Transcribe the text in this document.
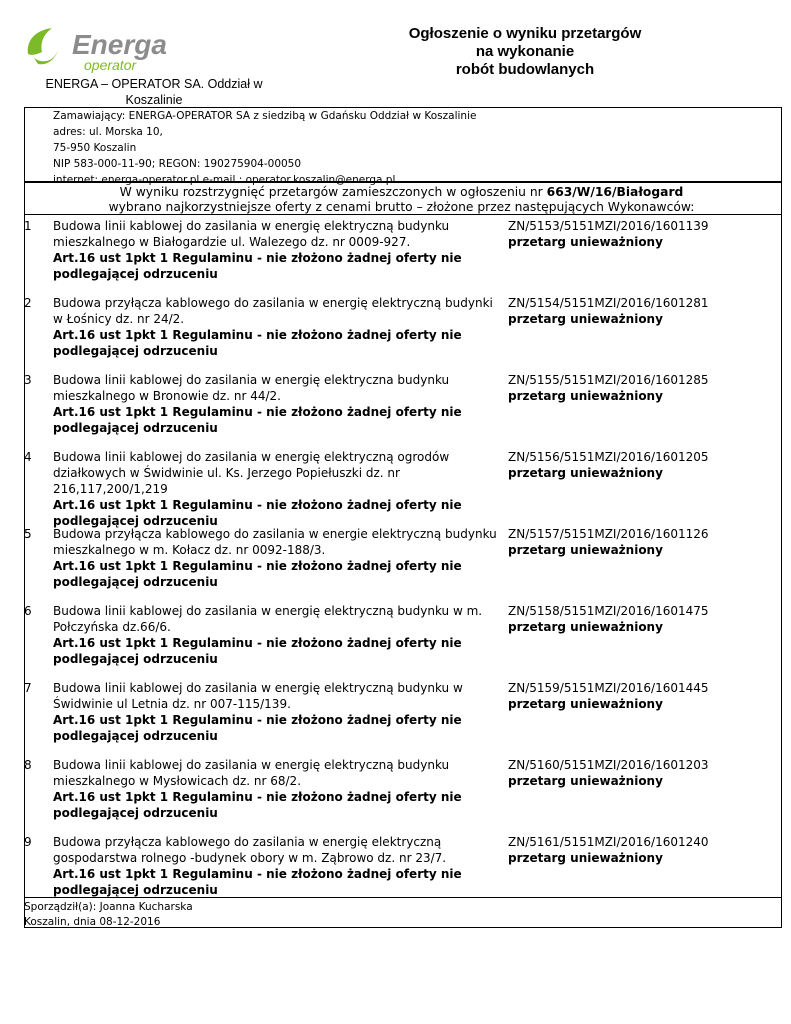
Energa
operator
ENERGA – OPERATOR SA. Oddział w Koszalinie
Ogłoszenie o wyniku przetargów
na wykonanie
robót budowlanych
Zamawiający: ENERGA-OPERATOR SA z siedzibą w Gdańsku Oddział w Koszalinie
adres: ul. Morska 10,
75-950 Koszalin
NIP 583-000-11-90; REGON: 190275904-00050
internet: energa-operator.pl e-mail : operator.koszalin@energa.pl
W wyniku rozstrzygnięć przetargów zamieszczonych w ogłoszeniu nr 663/W/16/Białogard
wybrano najkorzystniejsze oferty z cenami brutto – złożone przez następujących Wykonawców:
1 Budowa linii kablowej do zasilania w energię elektryczną budynku mieszkalnego w Białogardzie ul. Walezego dz. nr 0009-927.
Art.16 ust 1pkt 1 Regulaminu - nie złożono żadnej oferty nie podlegającej odrzuceniu
ZN/5153/5151MZI/2016/1601139
przetarg unieważniony
2 Budowa przyłącza kablowego do zasilania w energię elektryczną budynki w Łośnicy dz. nr 24/2.
Art.16 ust 1pkt 1 Regulaminu - nie złożono żadnej oferty nie podlegającej odrzuceniu
ZN/5154/5151MZI/2016/1601281
przetarg unieważniony
3 Budowa linii kablowej do zasilania w energię elektryczna budynku mieszkalnego w Bronowie dz. nr 44/2.
Art.16 ust 1pkt 1 Regulaminu - nie złożono żadnej oferty nie podlegającej odrzuceniu
ZN/5155/5151MZI/2016/1601285
przetarg unieważniony
4 Budowa linii kablowej do zasilania w energię elektryczną ogrodów działkowych w Świdwinie ul. Ks. Jerzego Popiełuszki dz. nr 216,117,200/1,219
Art.16 ust 1pkt 1 Regulaminu - nie złożono żadnej oferty nie podlegającej odrzuceniu
ZN/5156/5151MZI/2016/1601205
przetarg unieważniony
5 Budowa przyłącza kablowego do zasilania w energie elektryczną budynku mieszkalnego w m. Kołacz dz. nr 0092-188/3.
Art.16 ust 1pkt 1 Regulaminu - nie złożono żadnej oferty nie podlegającej odrzuceniu
ZN/5157/5151MZI/2016/1601126
przetarg unieważniony
6 Budowa linii kablowej do zasilania w energię elektryczną budynku w m. Połczyńska dz.66/6.
Art.16 ust 1pkt 1 Regulaminu - nie złożono żadnej oferty nie podlegającej odrzuceniu
ZN/5158/5151MZI/2016/1601475
przetarg unieważniony
7 Budowa linii kablowej do zasilania w energię elektryczną budynku w Świdwinie ul Letnia dz. nr 007-115/139.
Art.16 ust 1pkt 1 Regulaminu - nie złożono żadnej oferty nie podlegającej odrzuceniu
ZN/5159/5151MZI/2016/1601445
przetarg unieważniony
8 Budowa linii kablowej do zasilania w energię elektryczną budynku mieszkalnego w Mysłowicach dz. nr 68/2.
Art.16 ust 1pkt 1 Regulaminu - nie złożono żadnej oferty nie podlegającej odrzuceniu
ZN/5160/5151MZI/2016/1601203
przetarg unieważniony
9 Budowa przyłącza kablowego do zasilania w energię elektryczną gospodarstwa rolnego -budynek obory w m. Ząbrowo dz. nr 23/7.
Art.16 ust 1pkt 1 Regulaminu - nie złożono żadnej oferty nie podlegającej odrzuceniu
ZN/5161/5151MZI/2016/1601240
przetarg unieważniony
Sporządził(a): Joanna Kucharska
Koszalin, dnia 08-12-2016
